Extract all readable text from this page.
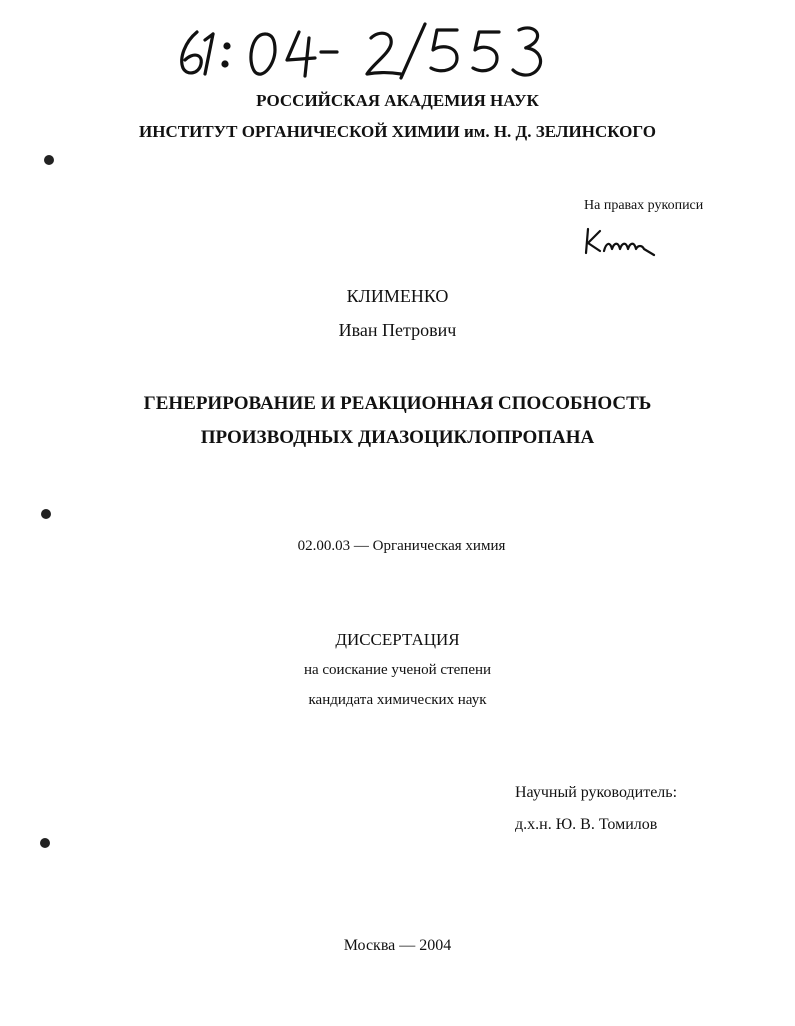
РОССИЙСКАЯ АКАДЕМИЯ НАУК
ИНСТИТУТ ОРГАНИЧЕСКОЙ ХИМИИ им. Н. Д. ЗЕЛИНСКОГО
На правах рукописи
КЛИМЕНКО
Иван Петрович
ГЕНЕРИРОВАНИЕ И РЕАКЦИОННАЯ СПОСОБНОСТЬ
ПРОИЗВОДНЫХ ДИАЗОЦИКЛОПРОПАНА
02.00.03 — Органическая химия
ДИССЕРТАЦИЯ
на соискание ученой степени
кандидата химических наук
Научный руководитель:
д.х.н. Ю. В. Томилов
Москва — 2004
